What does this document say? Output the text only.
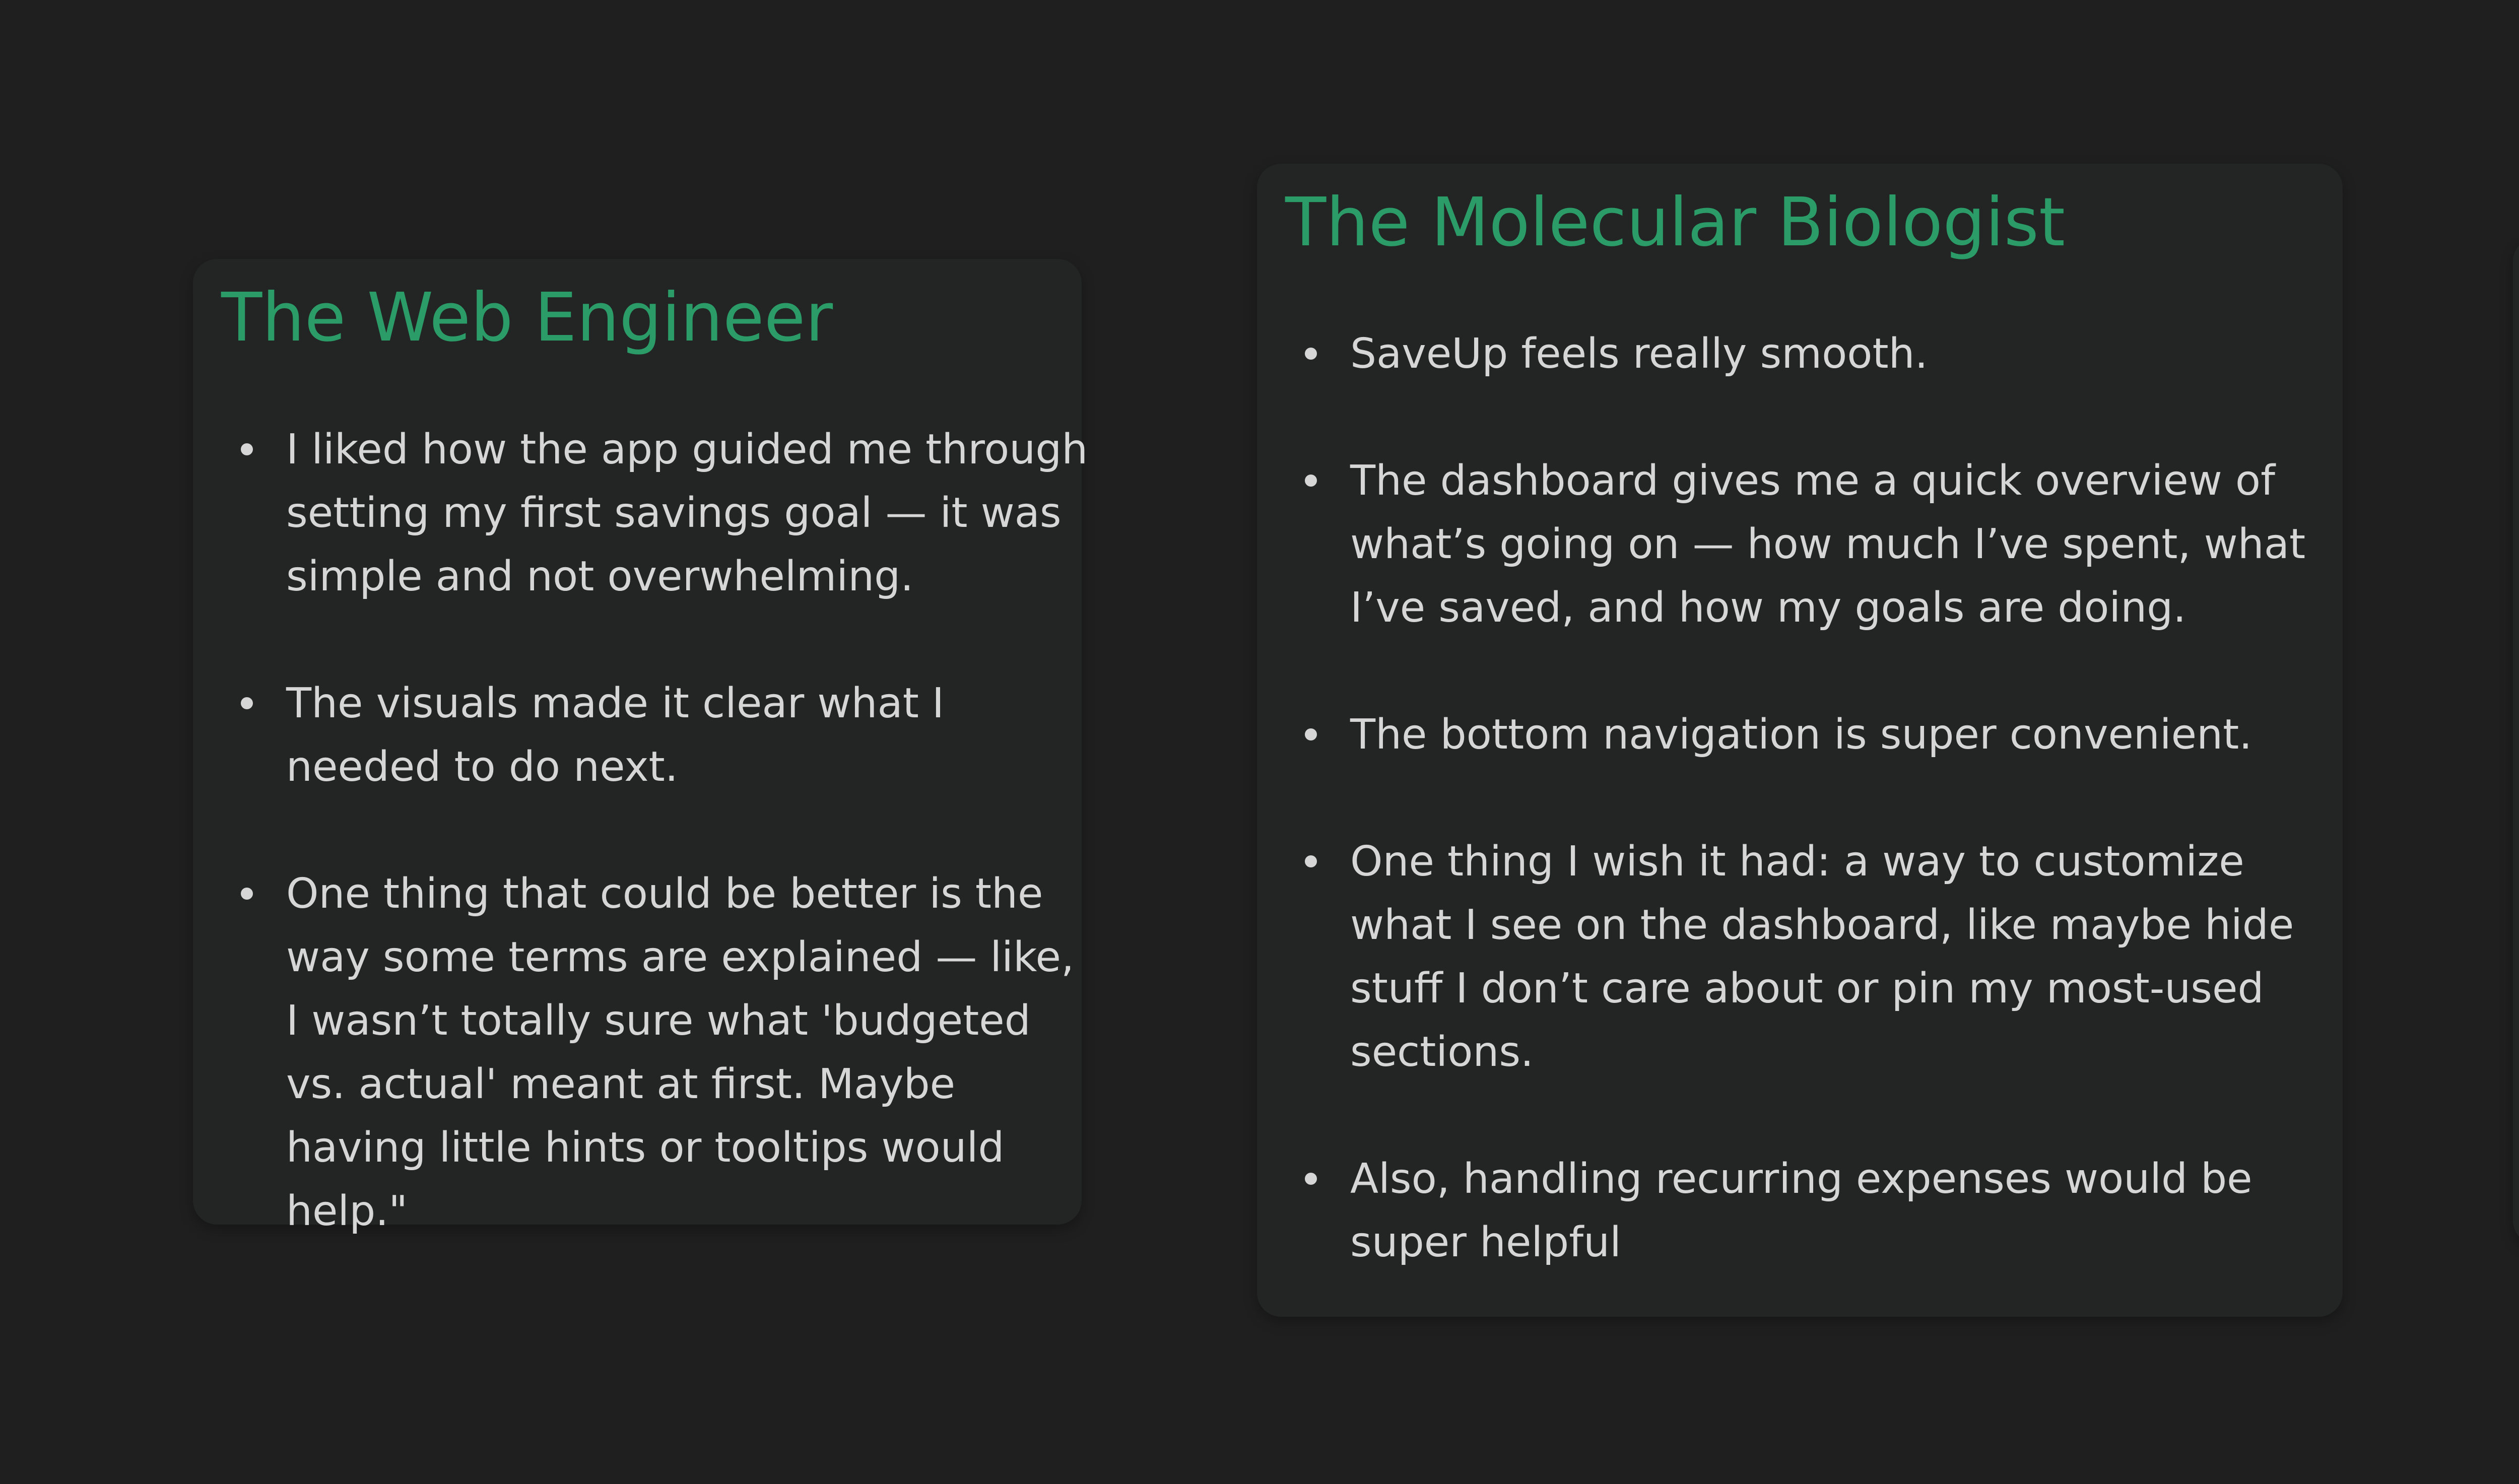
The Web Engineer
I liked how the app guided me through setting my first savings goal — it was simple and not overwhelming.
The visuals made it clear what I needed to do next.
One thing that could be better is the way some terms are explained — like, I wasn’t totally sure what 'budgeted vs. actual' meant at first. Maybe having little hints or tooltips would help."
The Molecular Biologist
SaveUp feels really smooth.
The dashboard gives me a quick overview of what’s going on — how much I’ve spent, what I’ve saved, and how my goals are doing.
The bottom navigation is super convenient.
One thing I wish it had: a way to customize what I see on the dashboard, like maybe hide stuff I don’t care about or pin my most-used sections.
Also, handling recurring expenses would be super helpful
